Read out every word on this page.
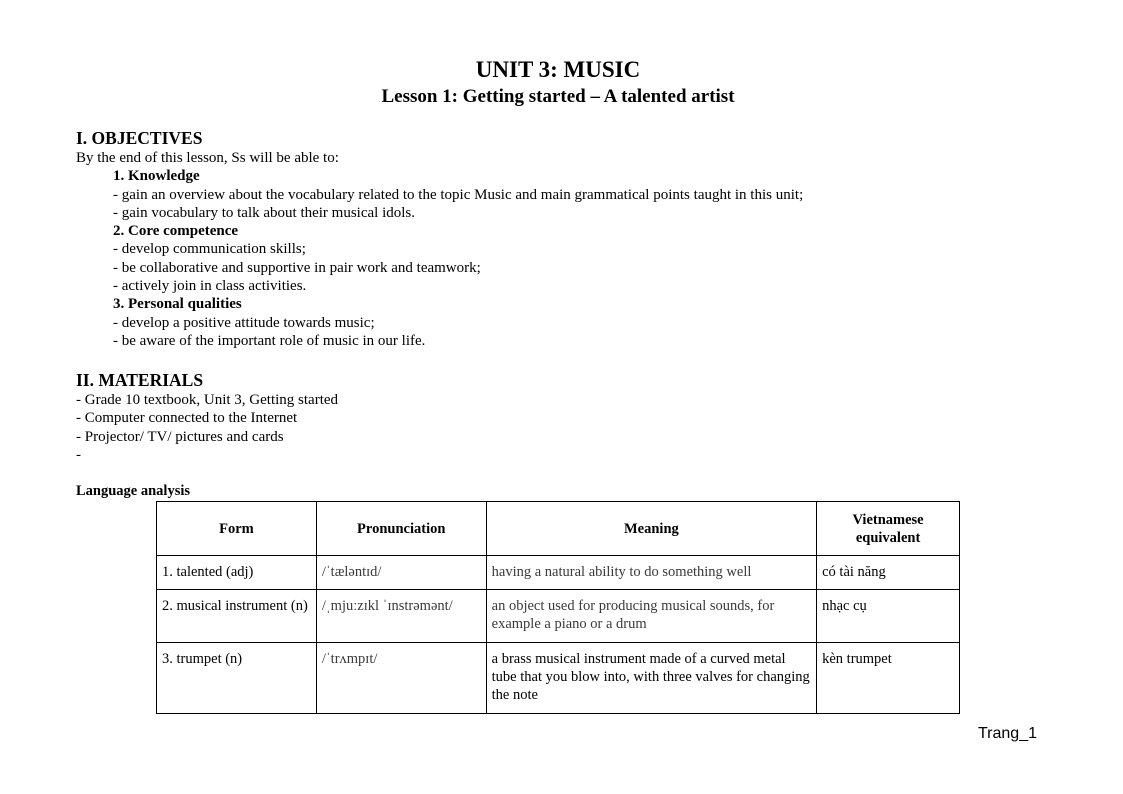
UNIT 3: MUSIC
Lesson 1: Getting started – A talented artist
I. OBJECTIVES
By the end of this lesson, Ss will be able to:
1. Knowledge
- gain an overview about the vocabulary related to the topic Music and main grammatical points taught in this unit;
- gain vocabulary to talk about their musical idols.
2. Core competence
- develop communication skills;
- be collaborative and supportive in pair work and teamwork;
- actively join in class activities.
3. Personal qualities
- develop a positive attitude towards music;
- be aware of the important role of music in our life.
II. MATERIALS
- Grade 10 textbook, Unit 3, Getting started
- Computer connected to the Internet
- Projector/ TV/ pictures and cards
-
Language analysis
Form	Pronunciation	Meaning	Vietnamese equivalent
1. talented (adj)	/ˈtæləntɪd/	having a natural ability to do something well	có tài năng
2. musical instrument (n)	/ˌmjuːzɪkl ˈɪnstrəmənt/	an object used for producing musical sounds, for example a piano or a drum	nhạc cụ
3. trumpet (n)	/ˈtrʌmpɪt/	a brass musical instrument made of a curved metal tube that you blow into, with three valves for changing the note	kèn trumpet
Trang_1
